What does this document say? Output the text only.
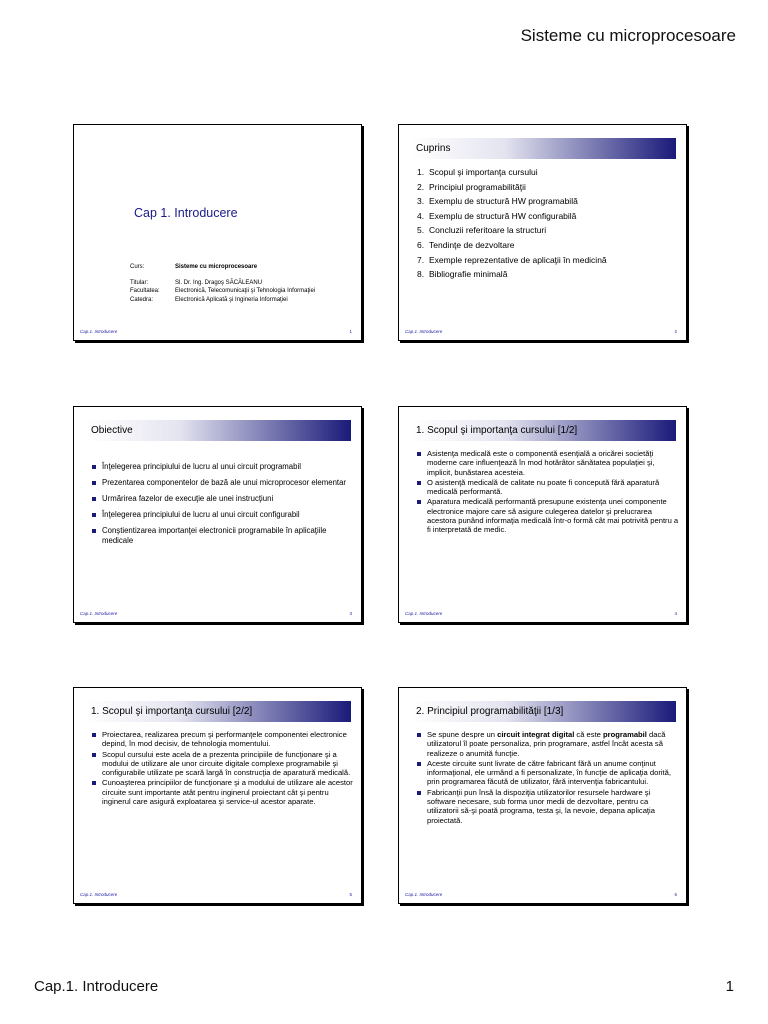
Sisteme cu microprocesoare
Cap 1. Introducere
Curs:	Sisteme cu microprocesoare

Titular:	Sl. Dr. Ing. Dragoş SĂCĂLEANU
Facultatea:	Electronică, Telecomunicaţii şi Tehnologia Informaţiei
Catedra:	Electronică Aplicată şi Ingineria Informaţiei
Cap.1. Introducere	1
Cuprins
1. Scopul şi importanţa cursului
2. Principiul programabilităţii
3. Exemplu de structură HW programabilă
4. Exemplu de structură HW configurabilă
5. Concluzii referitoare la structuri
6. Tendinţe de dezvoltare
7. Exemple reprezentative de aplicaţii în medicină
8. Bibliografie minimală
Cap.1. Introducere	2
Obiective
Înţelegerea principiului de lucru al unui circuit programabil
Prezentarea componentelor de bază ale unui microprocesor elementar
Urmărirea fazelor de execuţie ale unei instrucţiuni
Înţelegerea principiului de lucru al unui circuit configurabil
Conştientizarea importanţei electronicii programabile în aplicaţiile medicale
Cap.1. Introducere	3
1. Scopul şi importanţa cursului [1/2]
Asistenţa medicală este o componentă esenţială a oricărei societăţi moderne care influenţează în mod hotărâtor sănătatea populaţiei şi, implicit, bunăstarea acesteia.
O asistenţă medicală de calitate nu poate fi concepută fără aparatură medicală performantă.
Aparatura medicală performantă presupune existenţa unei componente electronice majore care să asigure culegerea datelor şi prelucrarea acestora punând informaţia medicală într-o formă cât mai potrivită pentru a fi interpretată de medic.
Cap.1. Introducere	4
1. Scopul şi importanţa cursului [2/2]
Proiectarea, realizarea precum şi performanţele componentei electronice depind, în mod decisiv, de tehnologia momentului.
Scopul cursului este acela de a prezenta principiile de funcţionare şi a modului de utilizare ale unor circuite digitale complexe programabile şi configurabile utilizate pe scară largă în construcţia de aparatură medicală.
Cunoaşterea principiilor de funcţionare şi a modului de utilizare ale acestor circuite sunt importante atât pentru inginerul proiectant cât şi pentru inginerul care asigură exploatarea şi service-ul acestor aparate.
Cap.1. Introducere	5
2. Principiul programabilităţii [1/3]
Se spune despre un circuit integrat digital că este programabil dacă utilizatorul îl poate personaliza, prin programare, astfel încât acesta să realizeze o anumită funcţie.
Aceste circuite sunt livrate de către fabricant fără un anume conţinut informaţional, ele urmând a fi personalizate, în funcţie de aplicaţia dorită, prin programarea făcută de utilizator, fără intervenţia fabricantului.
Fabricanţii pun însă la dispoziţia utilizatorilor resursele hardware şi software necesare, sub forma unor medii de dezvoltare, pentru ca utilizatorii să-şi poată programa, testa şi, la nevoie, depana aplicaţia proiectată.
Cap.1. Introducere	6
Cap.1. Introducere	1
